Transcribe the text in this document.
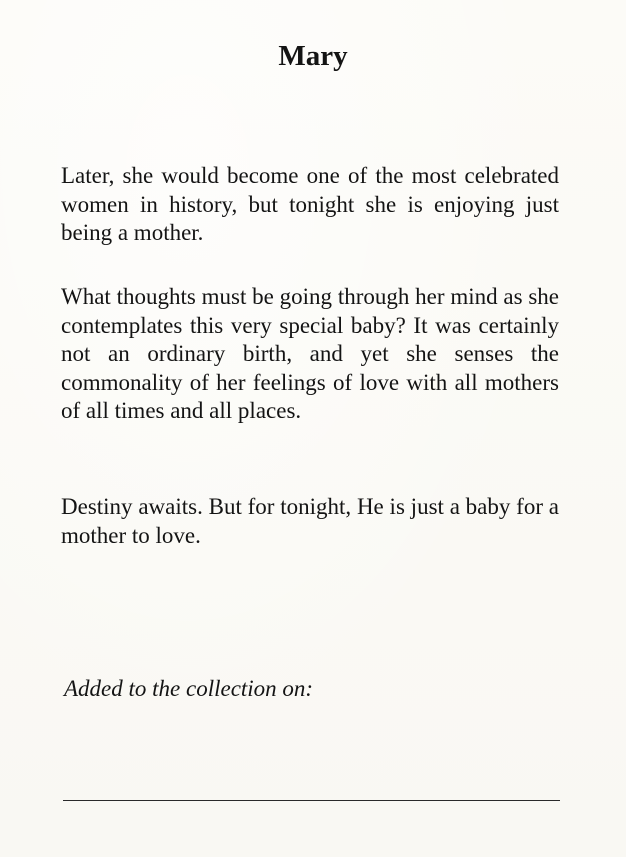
Mary

Later, she would become one of the most celebrated women in history, but tonight she is enjoying just being a mother.

What thoughts must be going through her mind as she contemplates this very special baby? It was certainly not an ordinary birth, and yet she senses the commonality of her feelings of love with all mothers of all times and all places.

Destiny awaits. But for tonight, He is just a baby for a mother to love.

Added to the collection on:
